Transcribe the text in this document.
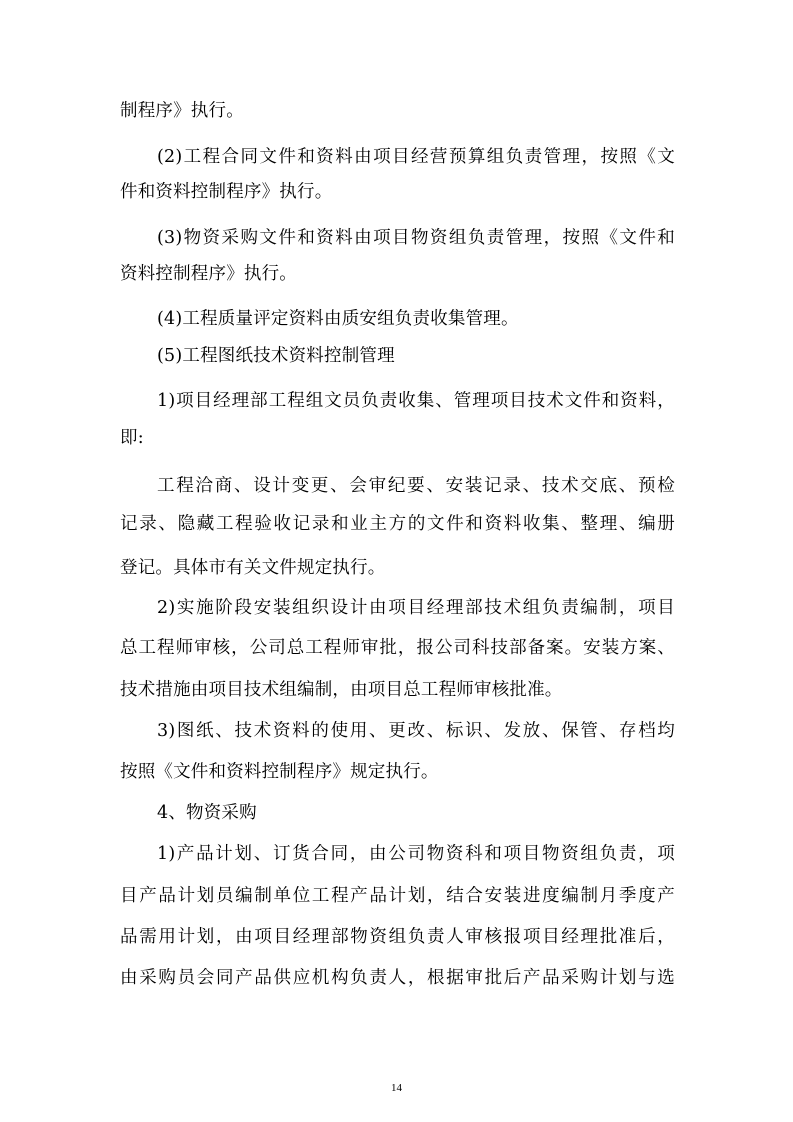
制程序》执行。
(2)工程合同文件和资料由项目经营预算组负责管理，按照《文
件和资料控制程序》执行。
(3)物资采购文件和资料由项目物资组负责管理，按照《文件和
资料控制程序》执行。
(4)工程质量评定资料由质安组负责收集管理。
(5)工程图纸技术资料控制管理
1)项目经理部工程组文员负责收集、管理项目技术文件和资料，
即:
工程洽商、设计变更、会审纪要、安装记录、技术交底、预检
记录、隐藏工程验收记录和业主方的文件和资料收集、整理、编册
登记。具体市有关文件规定执行。
2)实施阶段安装组织设计由项目经理部技术组负责编制，项目
总工程师审核，公司总工程师审批，报公司科技部备案。安装方案、
技术措施由项目技术组编制，由项目总工程师审核批准。
3)图纸、技术资料的使用、更改、标识、发放、保管、存档均
按照《文件和资料控制程序》规定执行。
4、物资采购
1)产品计划、订货合同，由公司物资科和项目物资组负责，项
目产品计划员编制单位工程产品计划，结合安装进度编制月季度产
品需用计划，由项目经理部物资组负责人审核报项目经理批准后，
由采购员会同产品供应机构负责人，根据审批后产品采购计划与选
14
